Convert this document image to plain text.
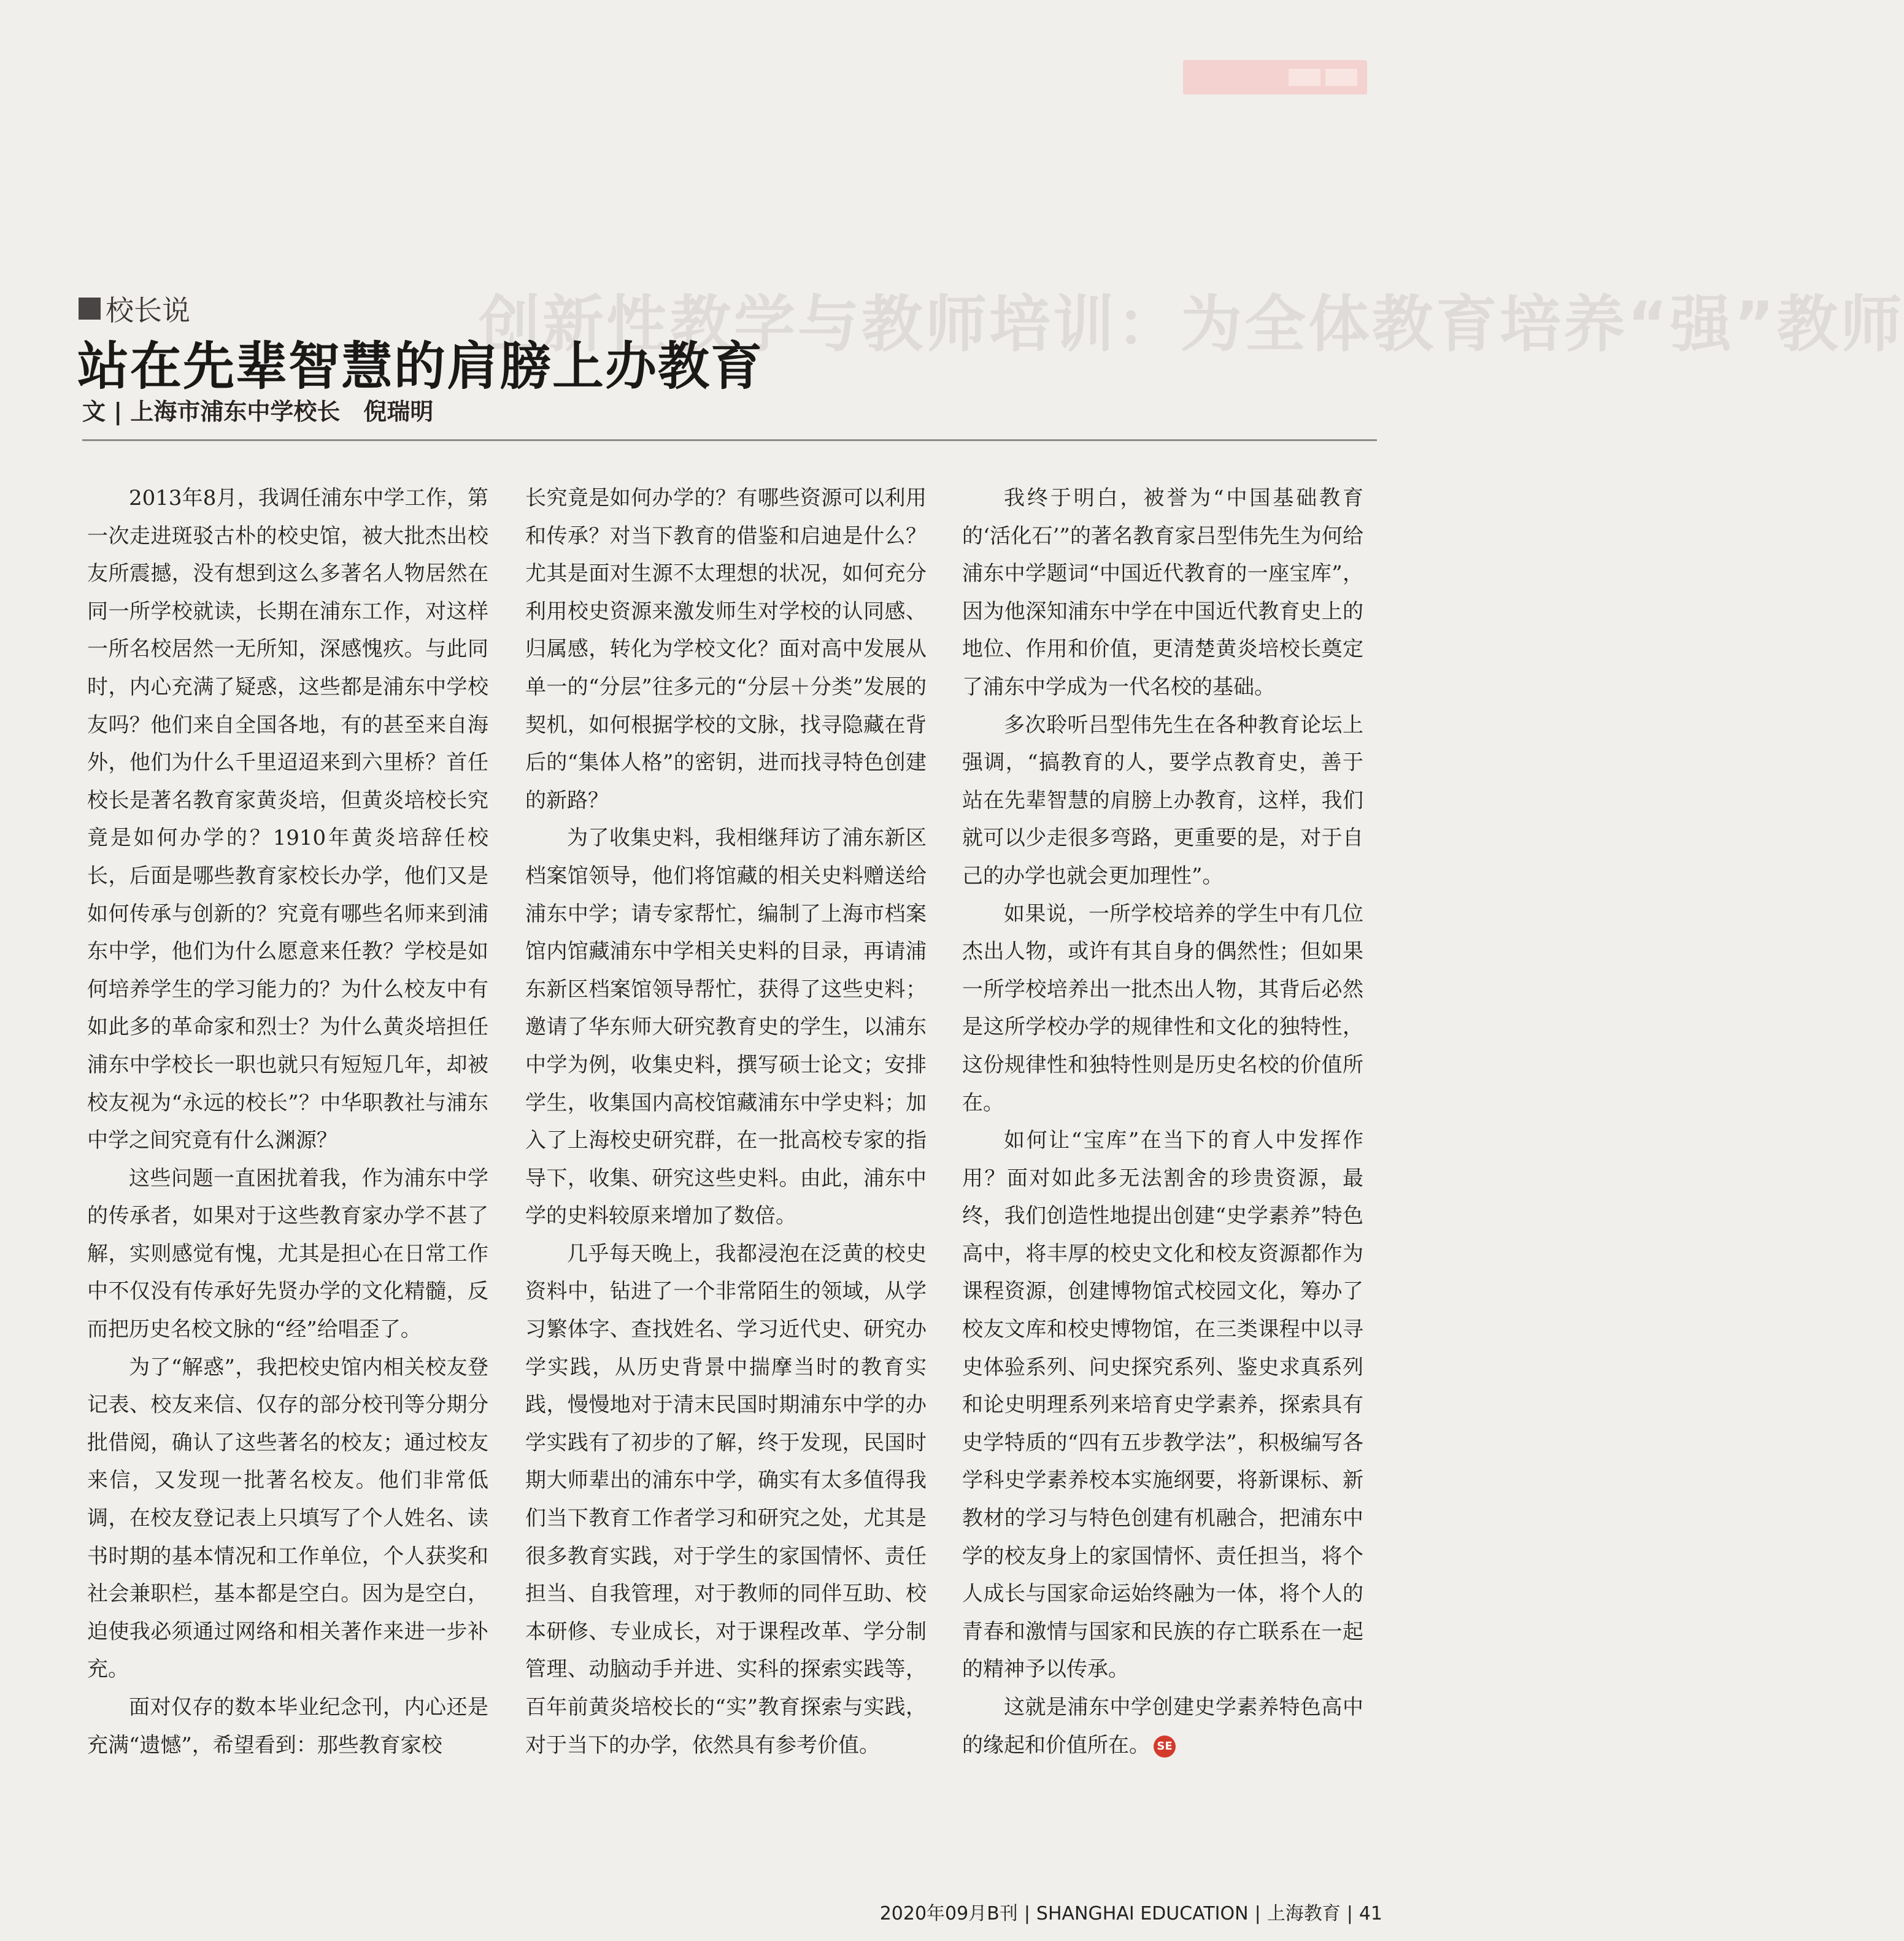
创新性教学与教师培训：为全体教育培养“强”教师
校长说
站在先辈智慧的肩膀上办教育
文 | 上海市浦东中学校长　倪瑞明

2013年8月，我调任浦东中学工作，第一次走进斑驳古朴的校史馆，被大批杰出校友所震撼，没有想到这么多著名人物居然在同一所学校就读，长期在浦东工作，对这样一所名校居然一无所知，深感愧疚。与此同时，内心充满了疑惑，这些都是浦东中学校友吗？他们来自全国各地，有的甚至来自海外，他们为什么千里迢迢来到六里桥？首任校长是著名教育家黄炎培，但黄炎培校长究竟是如何办学的？1910年黄炎培辞任校长，后面是哪些教育家校长办学，他们又是如何传承与创新的？究竟有哪些名师来到浦东中学，他们为什么愿意来任教？学校是如何培养学生的学习能力的？为什么校友中有如此多的革命家和烈士？为什么黄炎培担任浦东中学校长一职也就只有短短几年，却被校友视为“永远的校长”？中华职教社与浦东中学之间究竟有什么渊源？

这些问题一直困扰着我，作为浦东中学的传承者，如果对于这些教育家办学不甚了解，实则感觉有愧，尤其是担心在日常工作中不仅没有传承好先贤办学的文化精髓，反而把历史名校文脉的“经”给唱歪了。

为了“解惑”，我把校史馆内相关校友登记表、校友来信、仅存的部分校刊等分期分批借阅，确认了这些著名的校友；通过校友来信，又发现一批著名校友。他们非常低调，在校友登记表上只填写了个人姓名、读书时期的基本情况和工作单位，个人获奖和社会兼职栏，基本都是空白。因为是空白，迫使我必须通过网络和相关著作来进一步补充。

面对仅存的数本毕业纪念刊，内心还是充满“遗憾”，希望看到：那些教育家校

长究竟是如何办学的？有哪些资源可以利用和传承？对当下教育的借鉴和启迪是什么？尤其是面对生源不太理想的状况，如何充分利用校史资源来激发师生对学校的认同感、归属感，转化为学校文化？面对高中发展从单一的“分层”往多元的“分层＋分类”发展的契机，如何根据学校的文脉，找寻隐藏在背后的“集体人格”的密钥，进而找寻特色创建的新路？

为了收集史料，我相继拜访了浦东新区档案馆领导，他们将馆藏的相关史料赠送给浦东中学；请专家帮忙，编制了上海市档案馆内馆藏浦东中学相关史料的目录，再请浦东新区档案馆领导帮忙，获得了这些史料；邀请了华东师大研究教育史的学生，以浦东中学为例，收集史料，撰写硕士论文；安排学生，收集国内高校馆藏浦东中学史料；加入了上海校史研究群，在一批高校专家的指导下，收集、研究这些史料。由此，浦东中学的史料较原来增加了数倍。

几乎每天晚上，我都浸泡在泛黄的校史资料中，钻进了一个非常陌生的领域，从学习繁体字、查找姓名、学习近代史、研究办学实践，从历史背景中揣摩当时的教育实践，慢慢地对于清末民国时期浦东中学的办学实践有了初步的了解，终于发现，民国时期大师辈出的浦东中学，确实有太多值得我们当下教育工作者学习和研究之处，尤其是很多教育实践，对于学生的家国情怀、责任担当、自我管理，对于教师的同伴互助、校本研修、专业成长，对于课程改革、学分制管理、动脑动手并进、实科的探索实践等，百年前黄炎培校长的“实”教育探索与实践，对于当下的办学，依然具有参考价值。

我终于明白，被誉为“中国基础教育的‘活化石’”的著名教育家吕型伟先生为何给浦东中学题词“中国近代教育的一座宝库”，因为他深知浦东中学在中国近代教育史上的地位、作用和价值，更清楚黄炎培校长奠定了浦东中学成为一代名校的基础。

多次聆听吕型伟先生在各种教育论坛上强调，“搞教育的人，要学点教育史，善于站在先辈智慧的肩膀上办教育，这样，我们就可以少走很多弯路，更重要的是，对于自己的办学也就会更加理性”。

如果说，一所学校培养的学生中有几位杰出人物，或许有其自身的偶然性；但如果一所学校培养出一批杰出人物，其背后必然是这所学校办学的规律性和文化的独特性，这份规律性和独特性则是历史名校的价值所在。

如何让“宝库”在当下的育人中发挥作用？面对如此多无法割舍的珍贵资源，最终，我们创造性地提出创建“史学素养”特色高中，将丰厚的校史文化和校友资源都作为课程资源，创建博物馆式校园文化，筹办了校友文库和校史博物馆，在三类课程中以寻史体验系列、问史探究系列、鉴史求真系列和论史明理系列来培育史学素养，探索具有史学特质的“四有五步教学法”，积极编写各学科史学素养校本实施纲要，将新课标、新教材的学习与特色创建有机融合，把浦东中学的校友身上的家国情怀、责任担当，将个人成长与国家命运始终融为一体，将个人的青春和激情与国家和民族的存亡联系在一起的精神予以传承。

这就是浦东中学创建史学素养特色高中的缘起和价值所在。 SE

2020年09月B刊 | SHANGHAI EDUCATION | 上海教育 | 41
